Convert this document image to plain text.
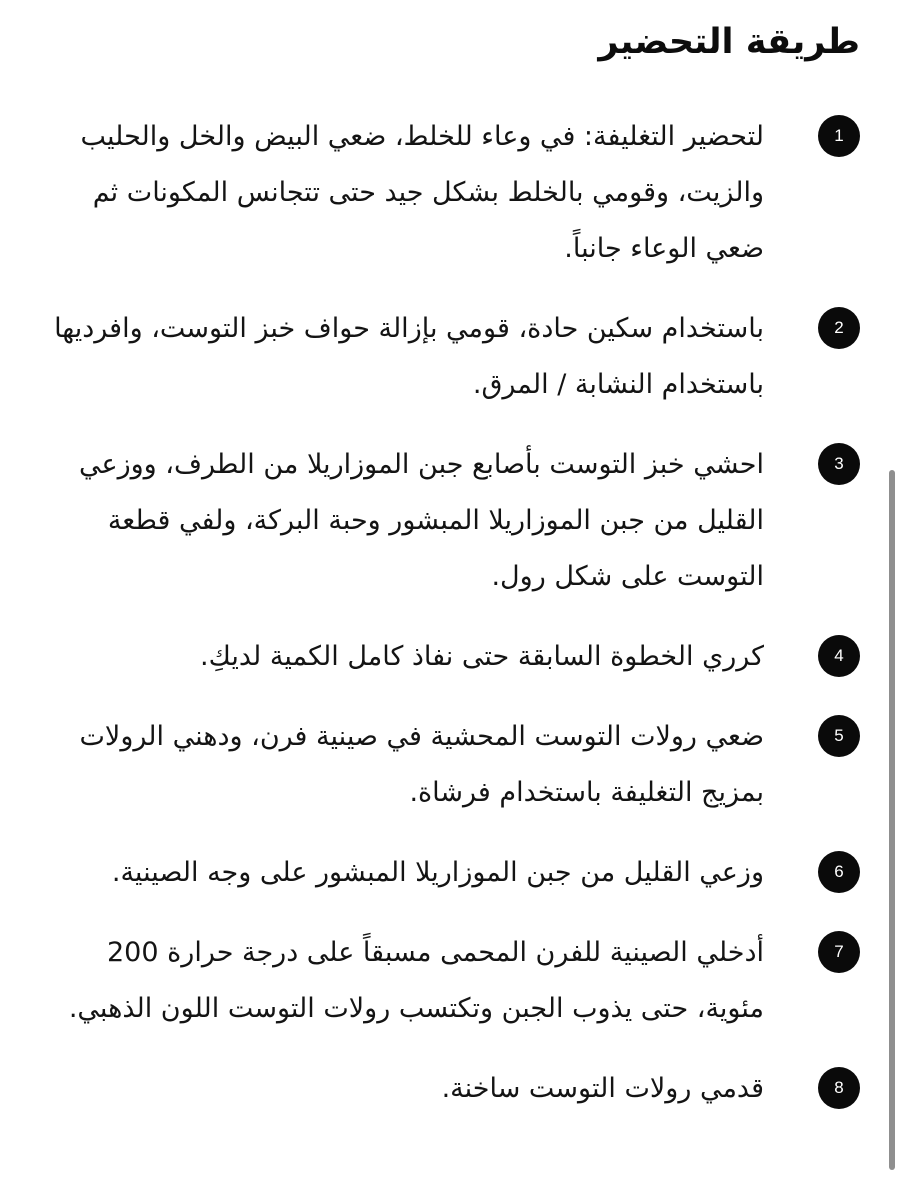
طريقة التحضير
1

لتحضير التغليفة: في وعاء للخلط، ضعي البيض والخل والحليب والزيت، وقومي بالخلط بشكل جيد حتى تتجانس المكونات ثم ضعي الوعاء جانباً.

2

باستخدام سكين حادة، قومي بإزالة حواف خبز التوست، وافرديها باستخدام النشابة / المرق.

3

احشي خبز التوست بأصابع جبن الموزاريلا من الطرف، ووزعي القليل من جبن الموزاريلا المبشور وحبة البركة، ولفي قطعة التوست على شكل رول.

4

كرري الخطوة السابقة حتى نفاذ كامل الكمية لديكِ.

5

ضعي رولات التوست المحشية في صينية فرن، ودهني الرولات بمزيج التغليفة باستخدام فرشاة.

6

وزعي القليل من جبن الموزاريلا المبشور على وجه الصينية.

7

أدخلي الصينية للفرن المحمى مسبقاً على درجة حرارة 200 مئوية، حتى يذوب الجبن وتكتسب رولات التوست اللون الذهبي.

8

قدمي رولات التوست ساخنة.
